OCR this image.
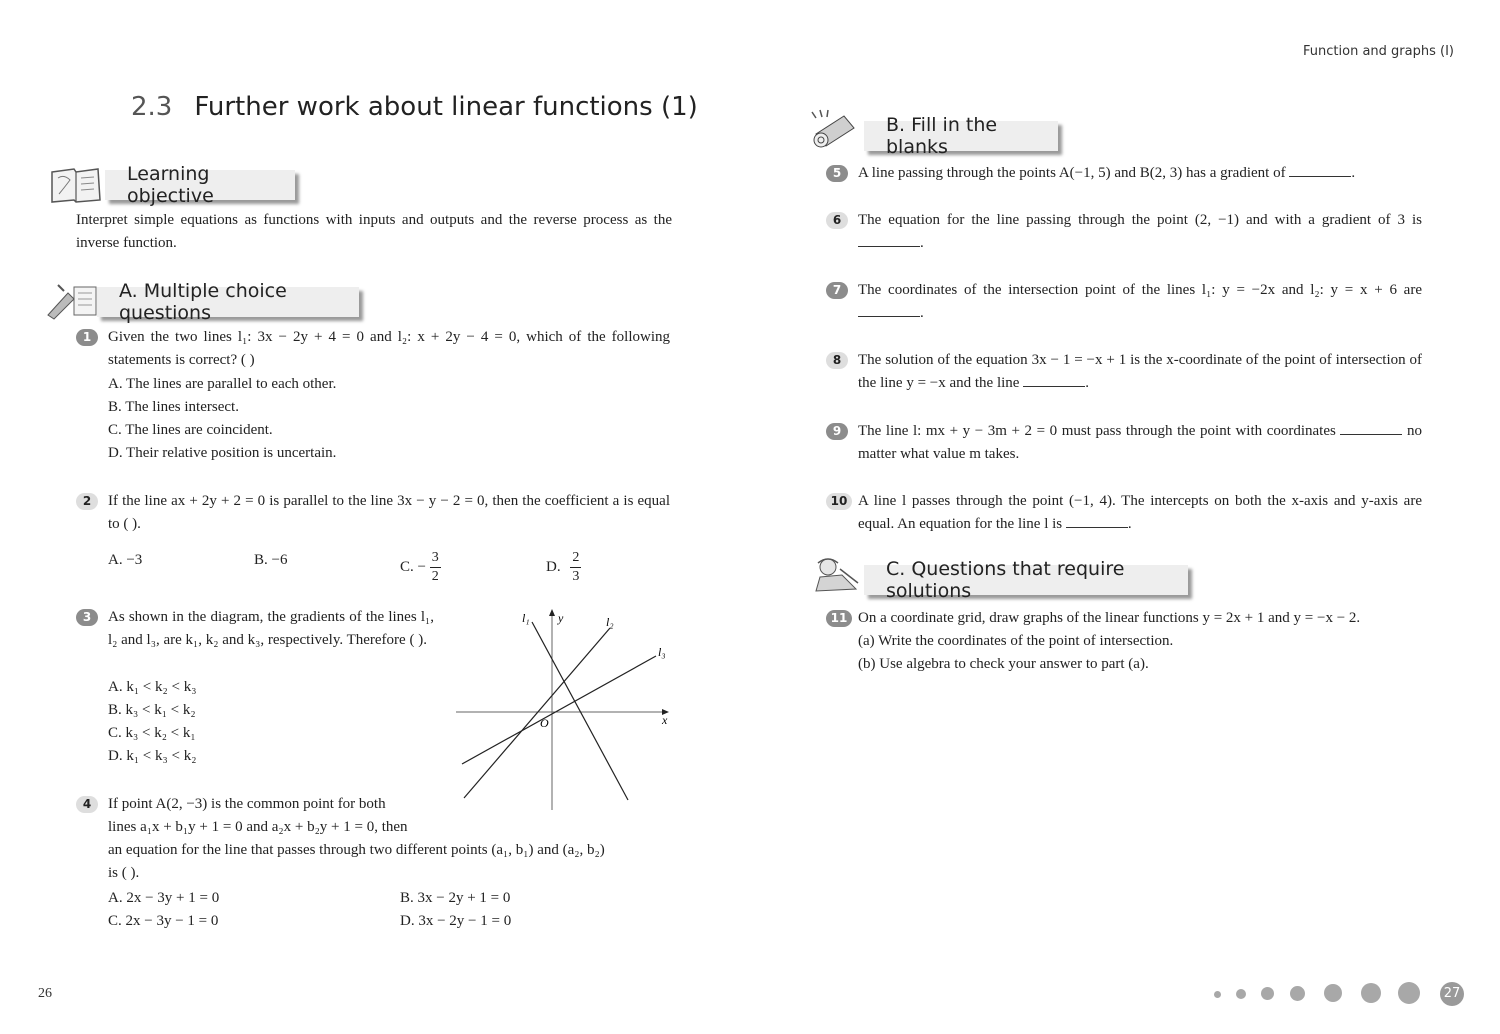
Function and graphs (I)
2.3 Further work about linear functions (1)
Learning objective
Interpret simple equations as functions with inputs and outputs and the reverse process as the inverse function.
A. Multiple choice questions
1	Given the two lines l₁: 3x − 2y + 4 = 0 and l₂: x + 2y − 4 = 0, which of the following statements is correct? ( )
A. The lines are parallel to each other.
B. The lines intersect.
C. The lines are coincident.
D. Their relative position is uncertain.
2	If the line ax + 2y + 2 = 0 is parallel to the line 3x − y − 2 = 0, then the coefficient a is equal to ( ).
A. −3	B. −6	C. − $\frac{3}{2}$	D. $\frac{2}{3}$
3	As shown in the diagram, the gradients of the lines l₁, l₂ and l₃, are k₁, k₂ and k₃, respectively. Therefore ( ).
A. k₁ < k₂ < k₃
B. k₃ < k₁ < k₂
C. k₃ < k₂ < k₁
D. k₁ < k₃ < k₂
l₁	l₂
l₃
y
x
O
4	If point A(2, −3) is the common point for both
lines a₁x + b₁y + 1 = 0 and a₂x + b₂y + 1 = 0, then
an equation for the line that passes through two different points (a₁, b₁) and (a₂, b₂)
is ( ).
A. 2x − 3y + 1 = 0	B. 3x − 2y + 1 = 0
C. 2x − 3y − 1 = 0	D. 3x − 2y − 1 = 0
26
B. Fill in the blanks
5	A line passing through the points A(−1, 5) and B(2, 3) has a gradient of	.
6	The equation for the line passing through the point (2, −1) and with a gradient of 3 is .
7	The coordinates of the intersection point of the lines l₁: y = −2x and l₂: y = x + 6 are .
8	The solution of the equation 3x − 1 = −x + 1 is the x-coordinate of the point of intersection of the line y = −x and the line	.
9	The line l: mx + y − 3m + 2 = 0 must pass through the point with coordinates	no matter what value m takes.
10 A line l passes through the point (−1, 4). The intercepts on both the x-axis and y-axis are equal. An equation for the line l is	.
C. Questions that require solutions
11 On a coordinate grid, draw graphs of the linear functions y = 2x + 1 and y = −x − 2.
(a) Write the coordinates of the point of intersection.
(b) Use algebra to check your answer to part (a).
27
